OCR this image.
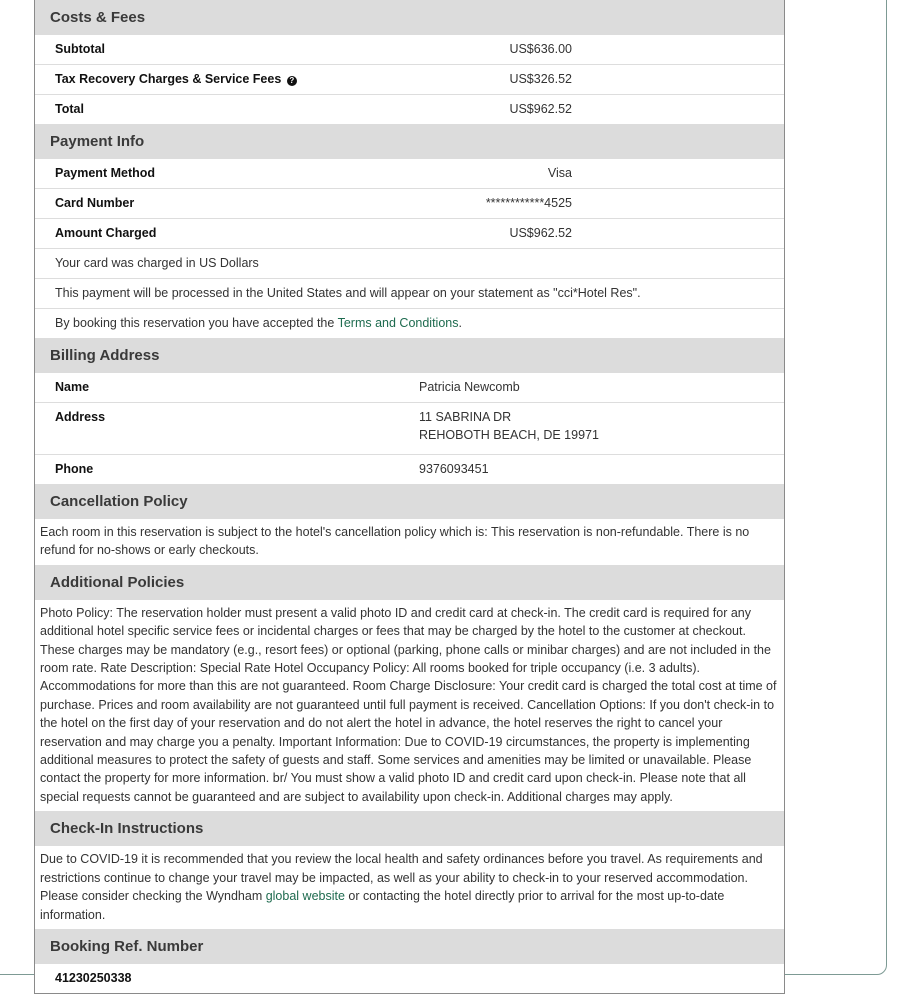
Costs & Fees
Subtotal	US$636.00
Tax Recovery Charges & Service Fees ?	US$326.52
Total	US$962.52
Payment Info
Payment Method	Visa
Card Number	************4525
Amount Charged	US$962.52
Your card was charged in US Dollars
This payment will be processed in the United States and will appear on your statement as "cci*Hotel Res".
By booking this reservation you have accepted the Terms and Conditions.
Billing Address
Name	Patricia Newcomb
Address	11 SABRINA DR
REHOBOTH BEACH, DE 19971
Phone	9376093451
Cancellation Policy
Each room in this reservation is subject to the hotel's cancellation policy which is: This reservation is non-refundable. There is no refund for no-shows or early checkouts.
Additional Policies
Photo Policy: The reservation holder must present a valid photo ID and credit card at check-in. The credit card is required for any additional hotel specific service fees or incidental charges or fees that may be charged by the hotel to the customer at checkout. These charges may be mandatory (e.g., resort fees) or optional (parking, phone calls or minibar charges) and are not included in the room rate. Rate Description: Special Rate Hotel Occupancy Policy: All rooms booked for triple occupancy (i.e. 3 adults). Accommodations for more than this are not guaranteed. Room Charge Disclosure: Your credit card is charged the total cost at time of purchase. Prices and room availability are not guaranteed until full payment is received. Cancellation Options: If you don't check-in to the hotel on the first day of your reservation and do not alert the hotel in advance, the hotel reserves the right to cancel your reservation and may charge you a penalty. Important Information: Due to COVID-19 circumstances, the property is implementing additional measures to protect the safety of guests and staff. Some services and amenities may be limited or unavailable. Please contact the property for more information. br/ You must show a valid photo ID and credit card upon check-in. Please note that all special requests cannot be guaranteed and are subject to availability upon check-in. Additional charges may apply.
Check-In Instructions
Due to COVID-19 it is recommended that you review the local health and safety ordinances before you travel. As requirements and restrictions continue to change your travel may be impacted, as well as your ability to check-in to your reserved accommodation. Please consider checking the Wyndham global website or contacting the hotel directly prior to arrival for the most up-to-date information.
Booking Ref. Number
41230250338
